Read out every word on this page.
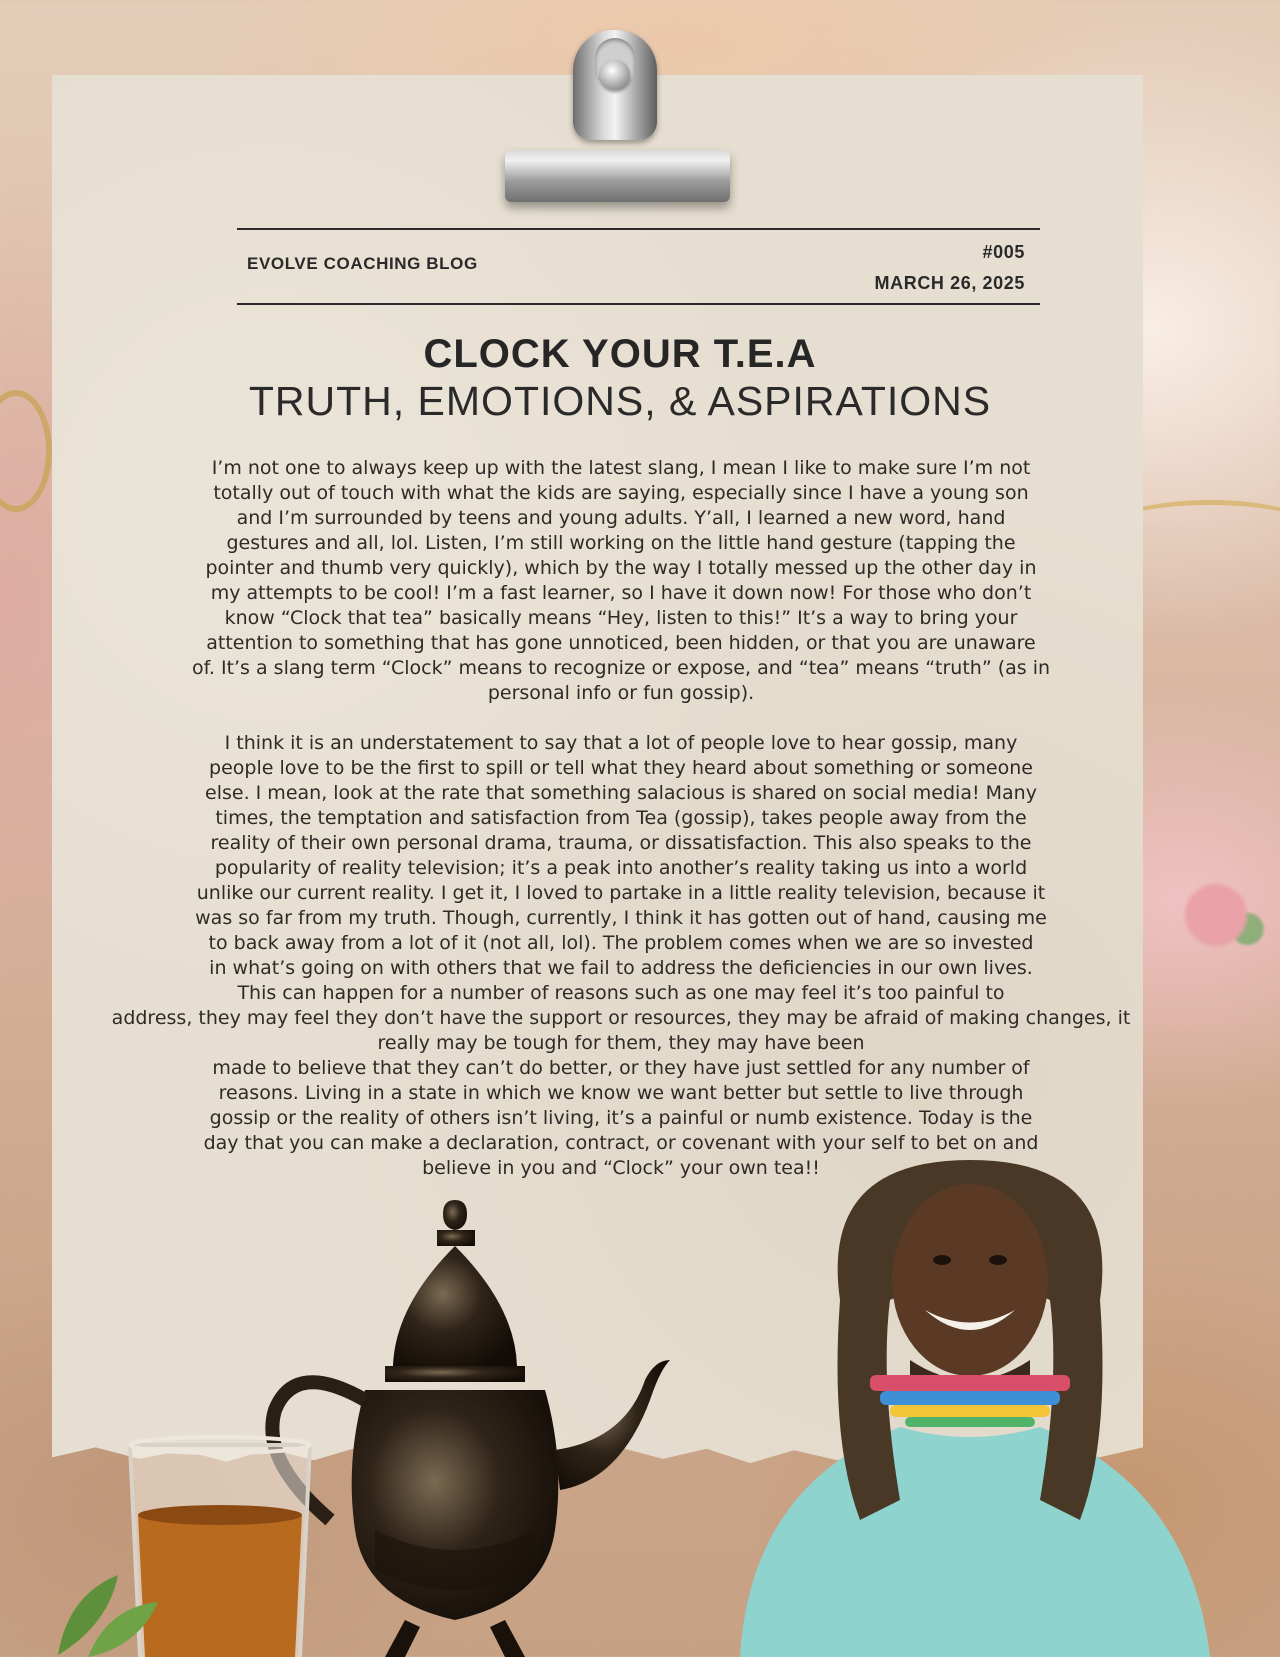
EVOLVE COACHING BLOG
#005
MARCH 26, 2025
CLOCK YOUR T.E.A
TRUTH, EMOTIONS, & ASPIRATIONS

I’m not one to always keep up with the latest slang, I mean I like to make sure I’m not
totally out of touch with what the kids are saying, especially since I have a young son
and I’m surrounded by teens and young adults. Y’all, I learned a new word, hand
gestures and all, lol. Listen, I’m still working on the little hand gesture (tapping the
pointer and thumb very quickly), which by the way I totally messed up the other day in
my attempts to be cool! I’m a fast learner, so I have it down now! For those who don’t
know “Clock that tea” basically means “Hey, listen to this!” It’s a way to bring your
attention to something that has gone unnoticed, been hidden, or that you are unaware
of. It’s a slang term “Clock” means to recognize or expose, and “tea” means “truth” (as in
personal info or fun gossip).

I think it is an understatement to say that a lot of people love to hear gossip, many
people love to be the first to spill or tell what they heard about something or someone
else. I mean, look at the rate that something salacious is shared on social media! Many
times, the temptation and satisfaction from Tea (gossip), takes people away from the
reality of their own personal drama, trauma, or dissatisfaction. This also speaks to the
popularity of reality television; it’s a peak into another’s reality taking us into a world
unlike our current reality. I get it, I loved to partake in a little reality television, because it
was so far from my truth. Though, currently, I think it has gotten out of hand, causing me
to back away from a lot of it (not all, lol). The problem comes when we are so invested
in what’s going on with others that we fail to address the deficiencies in our own lives.
This can happen for a number of reasons such as one may feel it’s too painful to
address, they may feel they don’t have the support or resources, they may be afraid of making changes, it
really may be tough for them, they may have been
made to believe that they can’t do better, or they have just settled for any number of
reasons. Living in a state in which we know we want better but settle to live through
gossip or the reality of others isn’t living, it’s a painful or numb existence. Today is the
day that you can make a declaration, contract, or covenant with your self to bet on and
believe in you and “Clock” your own tea!!
